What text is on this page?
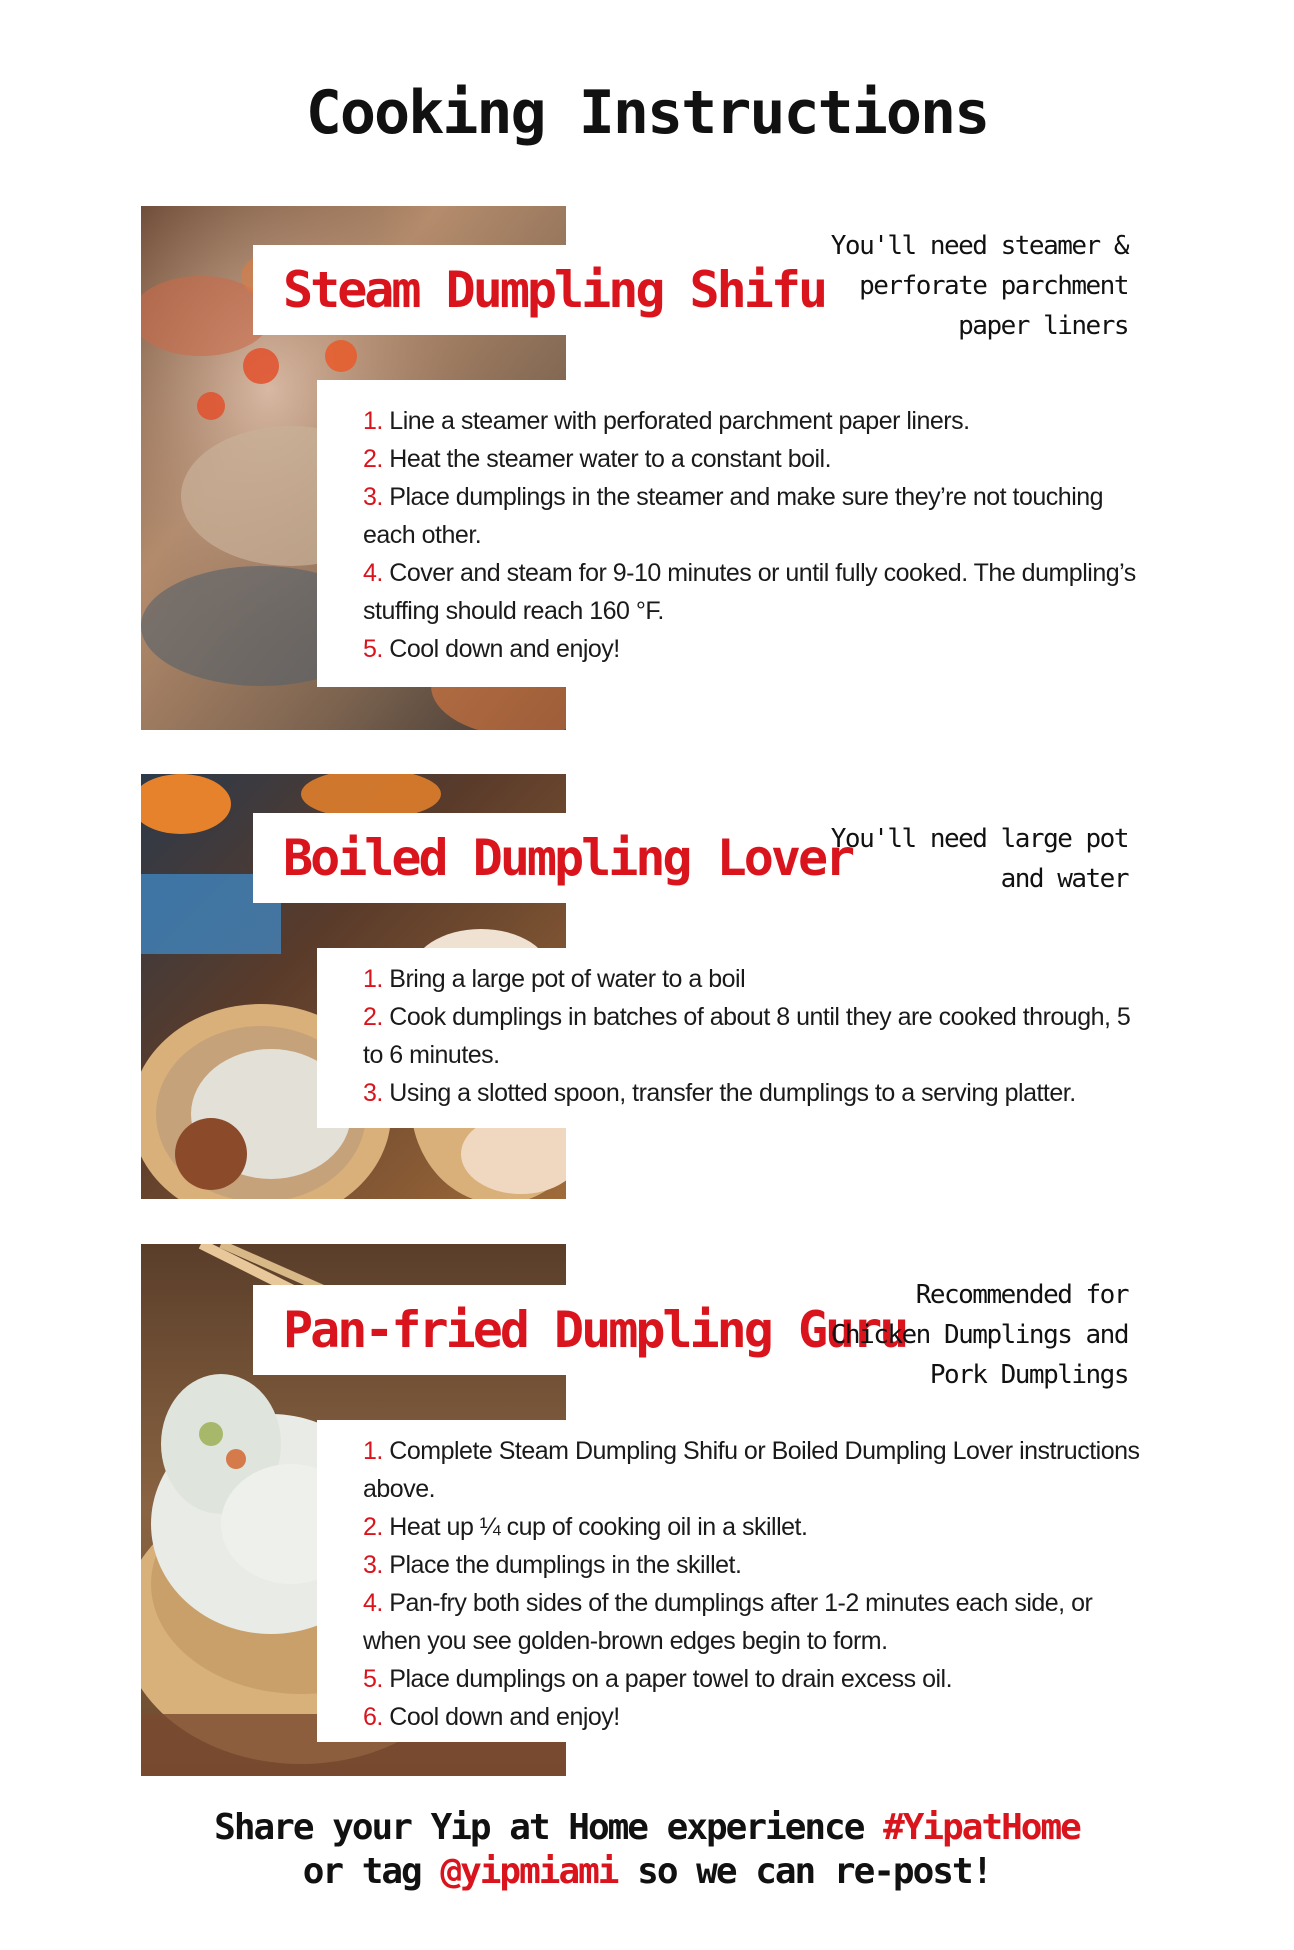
Cooking Instructions
Steam Dumpling Shifu
You'll need steamer &
perforate parchment
paper liners
1. Line a steamer with perforated parchment paper liners.
2. Heat the steamer water to a constant boil.
3. Place dumplings in the steamer and make sure they’re not touching each other.
4. Cover and steam for 9-10 minutes or until fully cooked. The dumpling’s stuffing should reach 160 °F.
5. Cool down and enjoy!
Boiled Dumpling Lover
You'll need large pot
and water
1. Bring a large pot of water to a boil
2. Cook dumplings in batches of about 8 until they are cooked through, 5 to 6 minutes.
3. Using a slotted spoon, transfer the dumplings to a serving platter.
Pan-fried Dumpling Guru
Recommended for
Chicken Dumplings and
Pork Dumplings
1. Complete Steam Dumpling Shifu or Boiled Dumpling Lover instructions above.
2. Heat up ¼ cup of cooking oil in a skillet.
3. Place the dumplings in the skillet.
4. Pan-fry both sides of the dumplings after 1-2 minutes each side, or when you see golden-brown edges begin to form.
5. Place dumplings on a paper towel to drain excess oil.
6. Cool down and enjoy!
Share your Yip at Home experience #YipatHome
or tag @yipmiami so we can re-post!
